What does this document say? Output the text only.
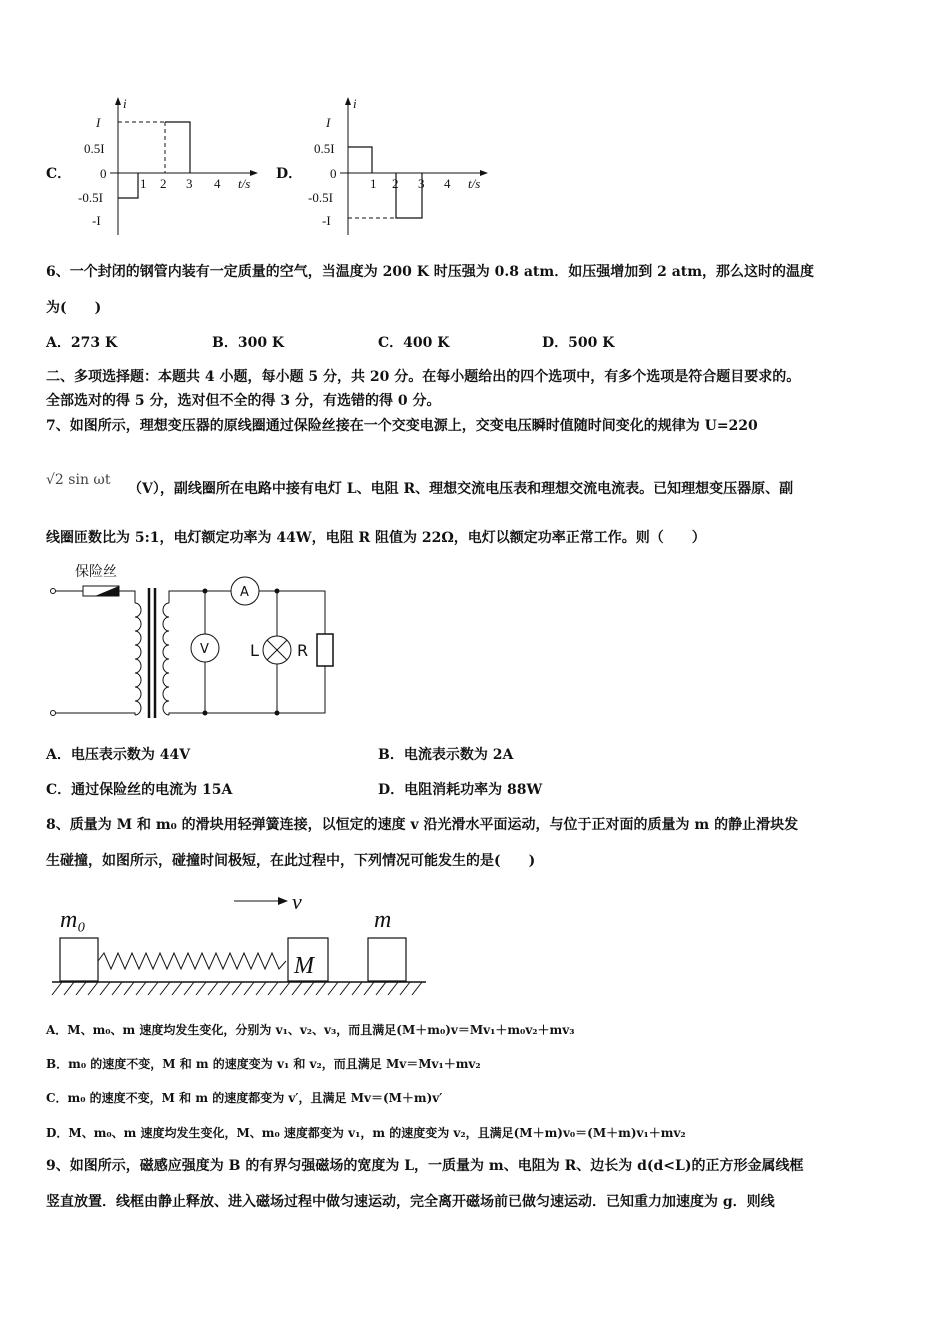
C．
i
I
0.5I
0
-0.5I
-I
1 2 3 4 t/s
D．
i
I
0.5I
0
-0.5I
-I
1 2 3 4 t/s
6、一个封闭的钢管内装有一定质量的空气，当温度为 200 K 时压强为 0.8 atm．如压强增加到 2 atm，那么这时的温度
为(　　)
A．273 K	B．300 K	C．400 K	D．500 K
二、多项选择题：本题共 4 小题，每小题 5 分，共 20 分。在每小题给出的四个选项中，有多个选项是符合题目要求的。
全部选对的得 5 分，选对但不全的得 3 分，有选错的得 0 分。
7、如图所示，理想变压器的原线圈通过保险丝接在一个交变电源上，交变电压瞬时值随时间变化的规律为 U=220
√2 sin ωt
（V），副线圈所在电路中接有电灯 L、电阻 R、理想交流电压表和理想交流电流表。已知理想变压器原、副
线圈匝数比为 5:1，电灯额定功率为 44W，电阻 R 阻值为 22Ω，电灯以额定功率正常工作。则（　　）
保险丝
A
R
V	L
A．电压表示数为 44V	B．电流表示数为 2A
C．通过保险丝的电流为 15A	D．电阻消耗功率为 88W
8、质量为 M 和 m₀ 的滑块用轻弹簧连接，以恒定的速度 v 沿光滑水平面运动，与位于正对面的质量为 m 的静止滑块发
生碰撞，如图所示，碰撞时间极短，在此过程中，下列情况可能发生的是(　　)
m₀
v
m
M
A．M、m₀、m 速度均发生变化，分别为 v₁、v₂、v₃，而且满足(M＋m₀)v＝Mv₁＋m₀v₂＋mv₃
B．m₀ 的速度不变，M 和 m 的速度变为 v₁ 和 v₂，而且满足 Mv＝Mv₁＋mv₂
C．m₀ 的速度不变，M 和 m 的速度都变为 v′，且满足 Mv＝(M＋m)v′
D．M、m₀、m 速度均发生变化，M、m₀ 速度都变为 v₁，m 的速度变为 v₂，且满足(M＋m)v₀＝(M＋m)v₁＋mv₂
9、如图所示，磁感应强度为 B 的有界匀强磁场的宽度为 L，一质量为 m、电阻为 R、边长为 d(d<L)的正方形金属线框
竖直放置．线框由静止释放、进入磁场过程中做匀速运动，完全离开磁场前已做匀速运动．已知重力加速度为 g．则线
